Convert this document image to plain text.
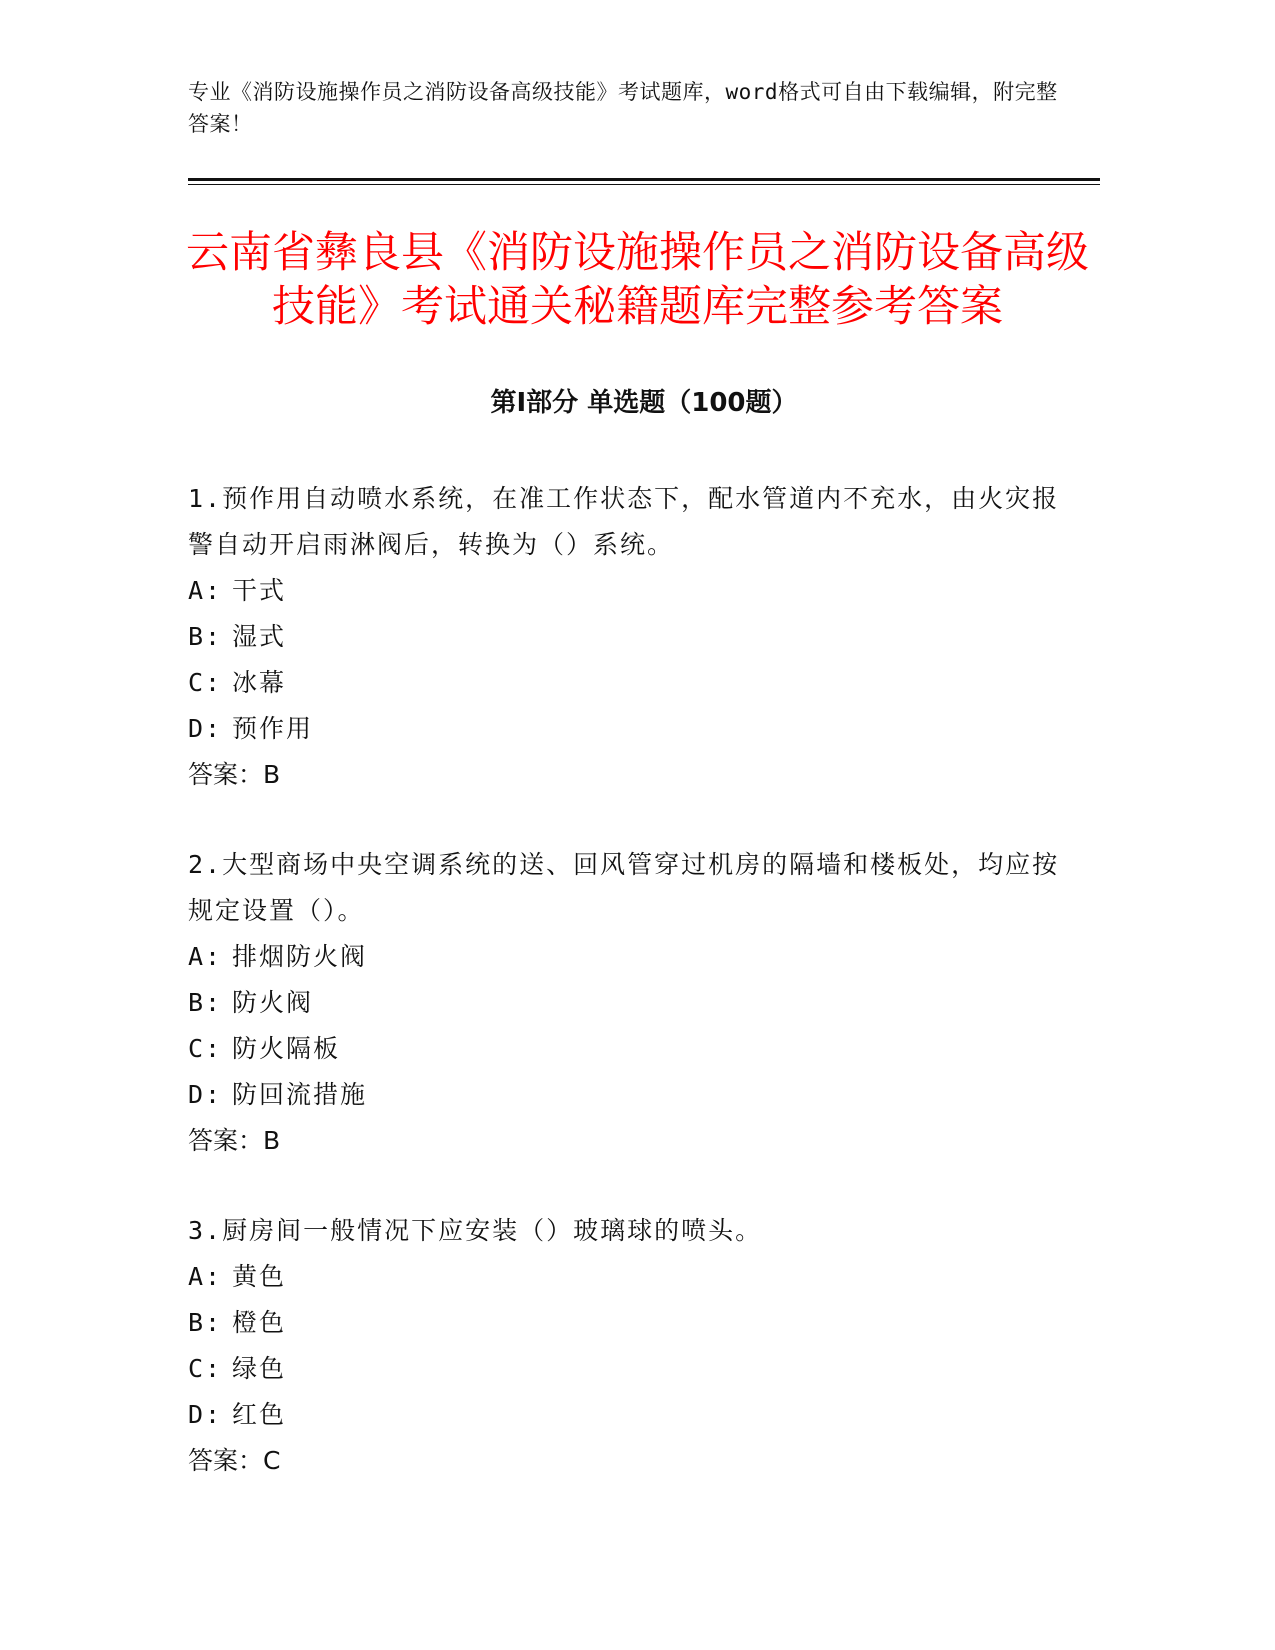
专业《消防设施操作员之消防设备高级技能》考试题库，word格式可自由下载编辑，附完整答案！
云南省彝良县《消防设施操作员之消防设备高级技能》考试通关秘籍题库完整参考答案
第Ⅰ部分 单选题（100题）
1.预作用自动喷水系统，在准工作状态下，配水管道内不充水，由火灾报警自动开启雨淋阀后，转换为（）系统。
A: 干式
B: 湿式
C: 冰幕
D: 预作用
答案：B
2.大型商场中央空调系统的送、回风管穿过机房的隔墙和楼板处，均应按规定设置（）。
A: 排烟防火阀
B: 防火阀
C: 防火隔板
D: 防回流措施
答案：B
3.厨房间一般情况下应安装（）玻璃球的喷头。
A: 黄色
B: 橙色
C: 绿色
D: 红色
答案：C
